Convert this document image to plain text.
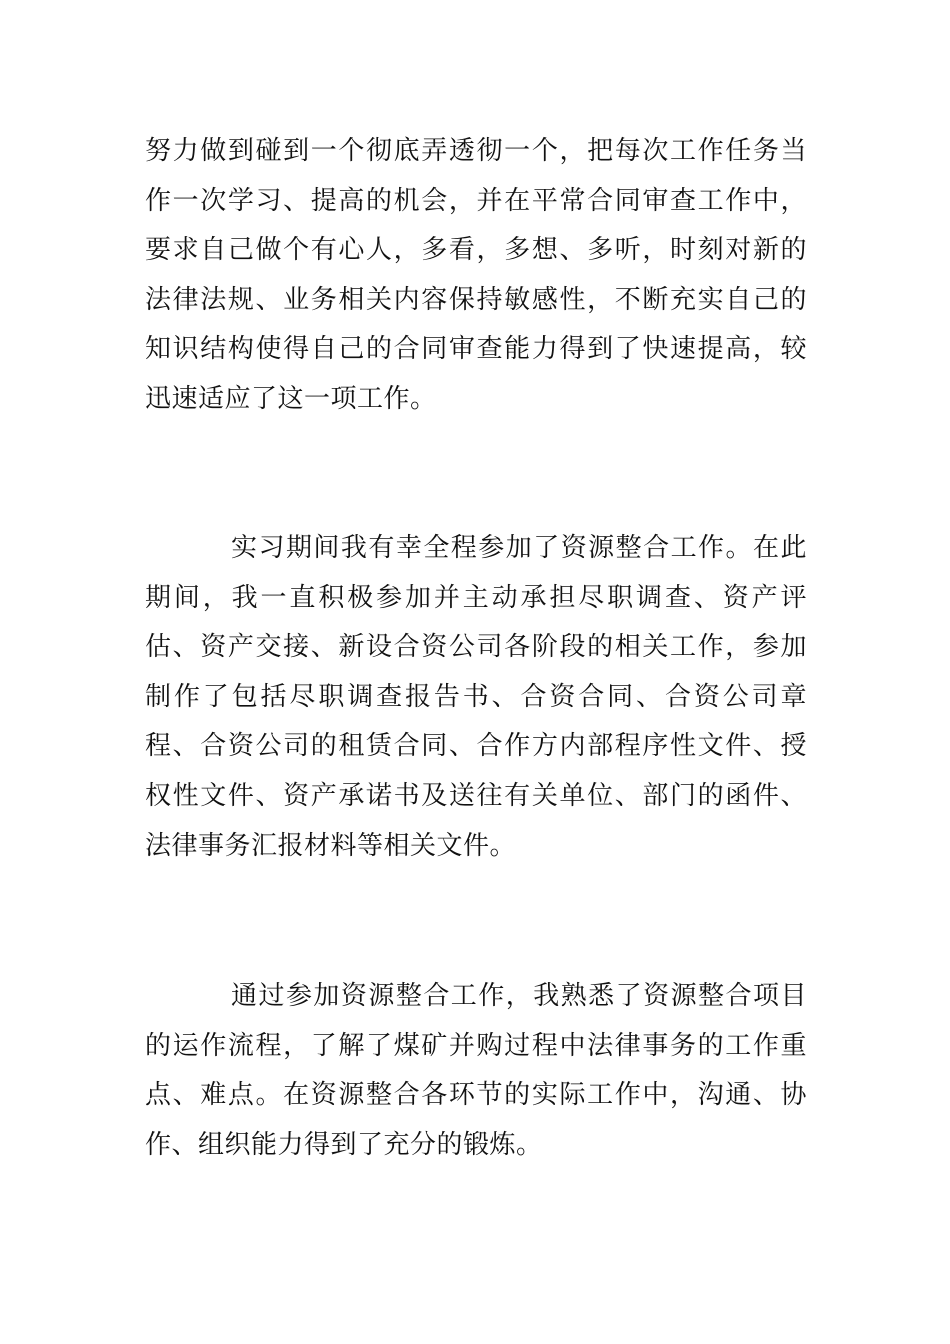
努力做到碰到一个彻底弄透彻一个，把每次工作任务当作一次学习、提高的机会，并在平常合同审查工作中，要求自己做个有心人，多看，多想、多听，时刻对新的法律法规、业务相关内容保持敏感性，不断充实自己的知识结构使得自己的合同审查能力得到了快速提高，较迅速适应了这一项工作。

实习期间我有幸全程参加了资源整合工作。在此期间，我一直积极参加并主动承担尽职调查、资产评估、资产交接、新设合资公司各阶段的相关工作，参加制作了包括尽职调查报告书、合资合同、合资公司章程、合资公司的租赁合同、合作方内部程序性文件、授权性文件、资产承诺书及送往有关单位、部门的函件、法律事务汇报材料等相关文件。

通过参加资源整合工作，我熟悉了资源整合项目的运作流程，了解了煤矿并购过程中法律事务的工作重点、难点。在资源整合各环节的实际工作中，沟通、协作、组织能力得到了充分的锻炼。
